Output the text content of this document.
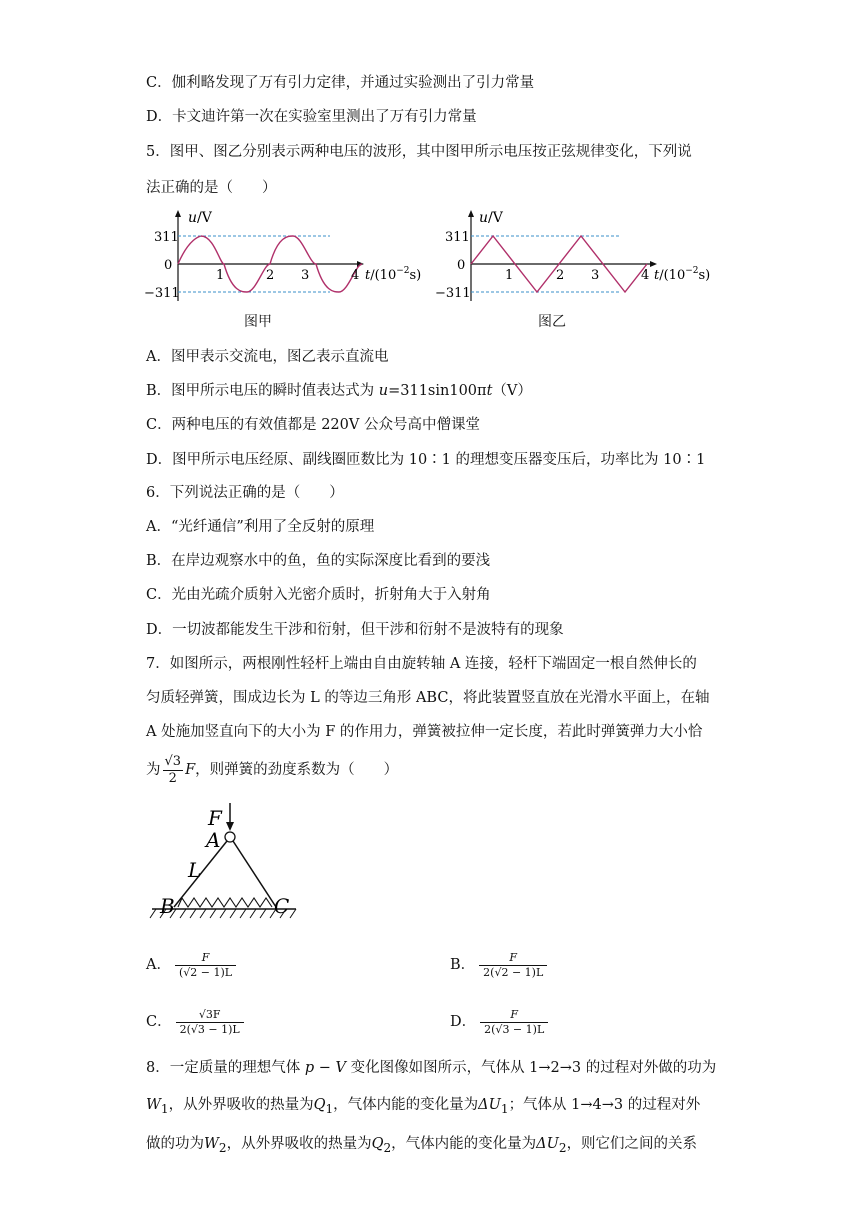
C．伽利略发现了万有引力定律，并通过实验测出了引力常量
D．卡文迪许第一次在实验室里测出了万有引力常量
5．图甲、图乙分别表示两种电压的波形，其中图甲所示电压按正弦规律变化，下列说
法正确的是（　　）
u/V
311
0
−311
1	2 3	4 $t/(10^{-2}s)$
图甲
u/V
311
0
−311
1	2 3	4 $t/(10^{-2}s)$
图乙
A．图甲表示交流电，图乙表示直流电
B．图甲所示电压的瞬时值表达式为 u=311sin100πt（V）
C．两种电压的有效值都是 220V 公众号高中僧课堂
D．图甲所示电压经原、副线圈匝数比为 10∶1 的理想变压器变压后，功率比为 10∶1
6．下列说法正确的是（　　）
A．“光纤通信”利用了全反射的原理
B．在岸边观察水中的鱼，鱼的实际深度比看到的要浅
C．光由光疏介质射入光密介质时，折射角大于入射角
D．一切波都能发生干涉和衍射，但干涉和衍射不是波特有的现象
7．如图所示，两根刚性轻杆上端由自由旋转轴 A 连接，轻杆下端固定一根自然伸长的
匀质轻弹簧，围成边长为 L 的等边三角形 ABC，将此装置竖直放在光滑水平面上，在轴
A 处施加竖直向下的大小为 F 的作用力，弹簧被拉伸一定长度，若此时弹簧弹力大小恰
为 $\frac{√3}{2}$ F，则弹簧的劲度系数为（　　）
F
A
L
B	C
A． $\frac{F}{(√2 - 1)L}$	B． $\frac{F}{2(√2 - 1)L}$
C． $\frac{√3F}{2(√3 - 1)L}$	D． $\frac{F}{2(√3 - 1)L}$
8．一定质量的理想气体 p − V 变化图像如图所示，气体从 1→2→3 的过程对外做的功为
$W_1$，从外界吸收的热量为$Q_1$，气体内能的变化量为$\Delta U_1$；气体从 1→4→3 的过程对外
做的功为$W_2$，从外界吸收的热量为$Q_2$，气体内能的变化量为$\Delta U_2$，则它们之间的关系
